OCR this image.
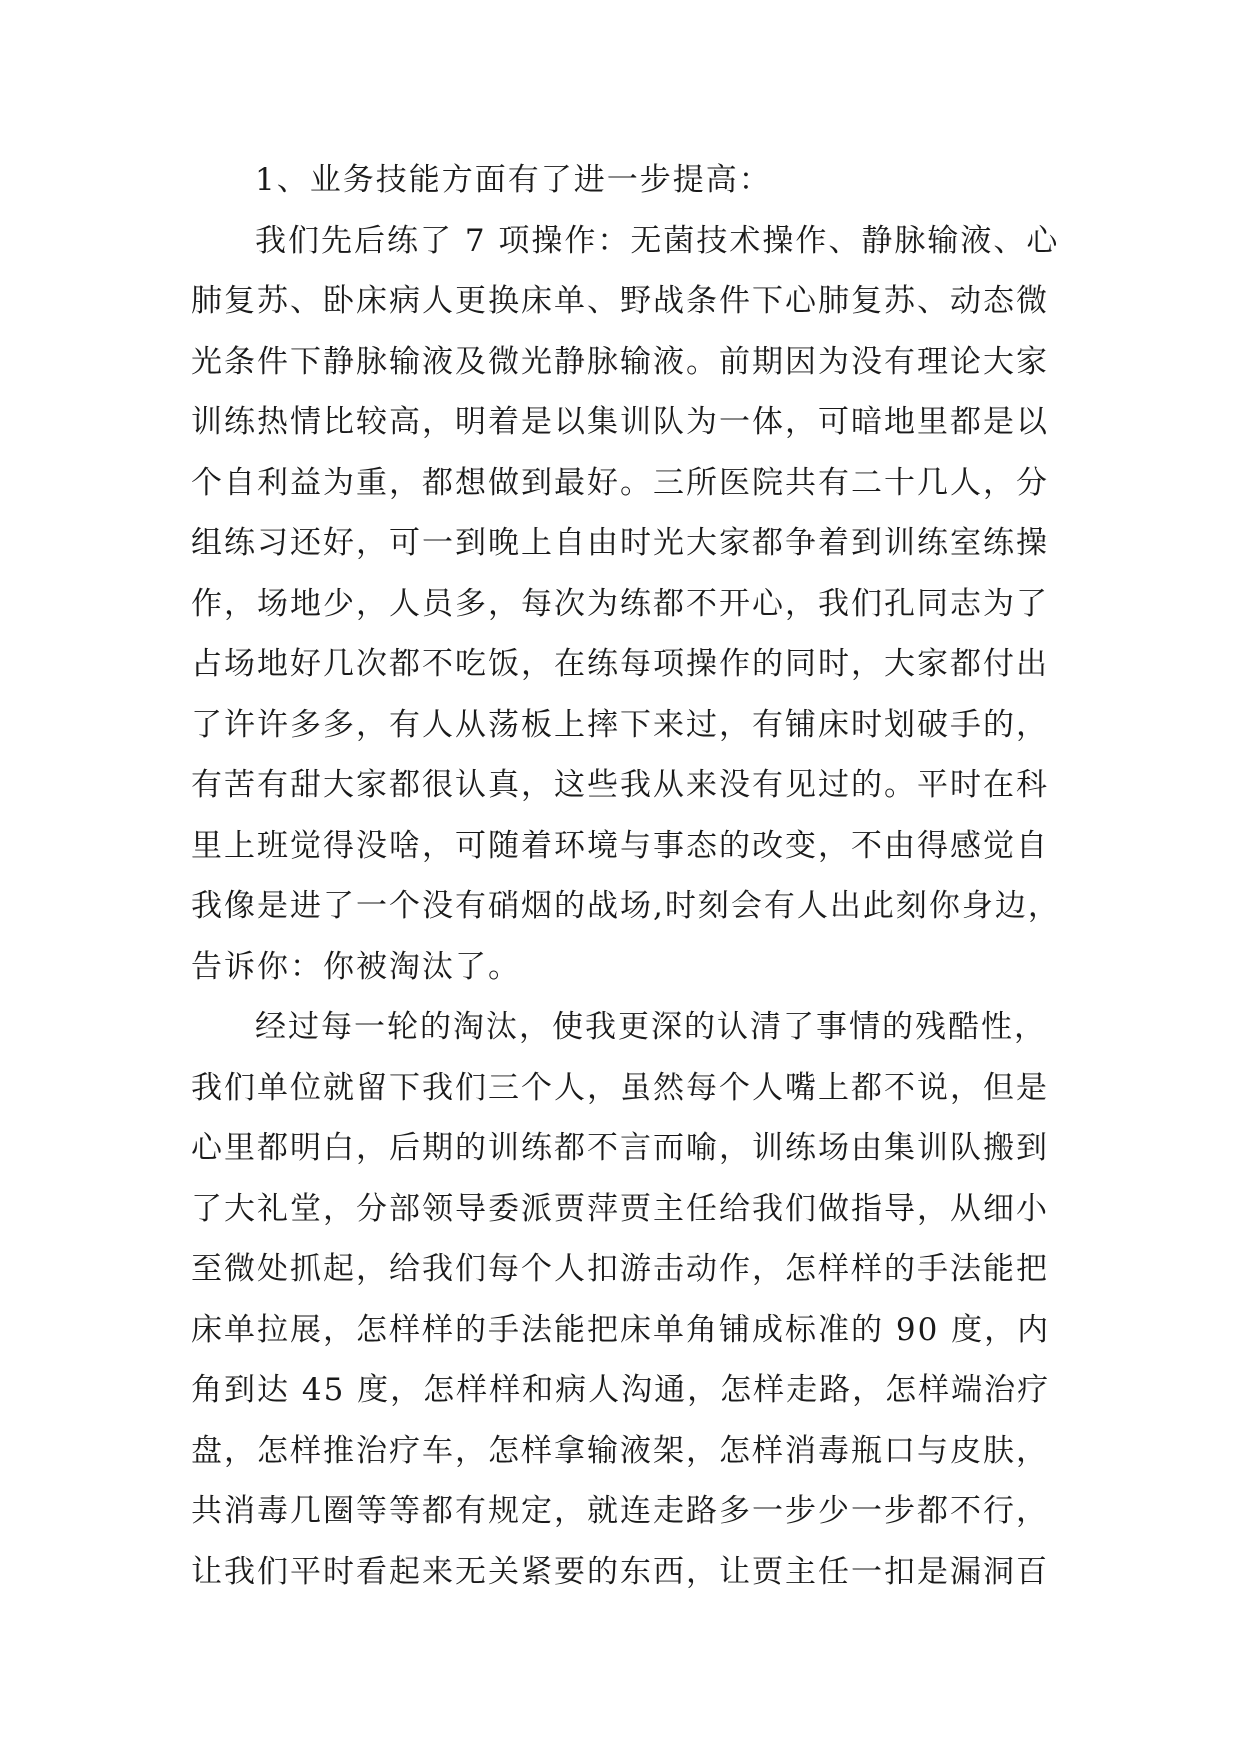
1、业务技能方面有了进一步提高：
我们先后练了 7 项操作：无菌技术操作、静脉输液、心
肺复苏、卧床病人更换床单、野战条件下心肺复苏、动态微
光条件下静脉输液及微光静脉输液。前期因为没有理论大家
训练热情比较高，明着是以集训队为一体，可暗地里都是以
个自利益为重，都想做到最好。三所医院共有二十几人，分
组练习还好，可一到晚上自由时光大家都争着到训练室练操
作，场地少，人员多，每次为练都不开心，我们孔同志为了
占场地好几次都不吃饭，在练每项操作的同时，大家都付出
了许许多多，有人从荡板上摔下来过，有铺床时划破手的，
有苦有甜大家都很认真，这些我从来没有见过的。平时在科
里上班觉得没啥，可随着环境与事态的改变，不由得感觉自
我像是进了一个没有硝烟的战场,时刻会有人出此刻你身边，
告诉你：你被淘汰了。
经过每一轮的淘汰，使我更深的认清了事情的残酷性，
我们单位就留下我们三个人，虽然每个人嘴上都不说，但是
心里都明白，后期的训练都不言而喻，训练场由集训队搬到
了大礼堂，分部领导委派贾萍贾主任给我们做指导，从细小
至微处抓起，给我们每个人扣游击动作，怎样样的手法能把
床单拉展，怎样样的手法能把床单角铺成标准的 90 度，内
角到达 45 度，怎样样和病人沟通，怎样走路，怎样端治疗
盘，怎样推治疗车，怎样拿输液架，怎样消毒瓶口与皮肤，
共消毒几圈等等都有规定，就连走路多一步少一步都不行，
让我们平时看起来无关紧要的东西，让贾主任一扣是漏洞百
